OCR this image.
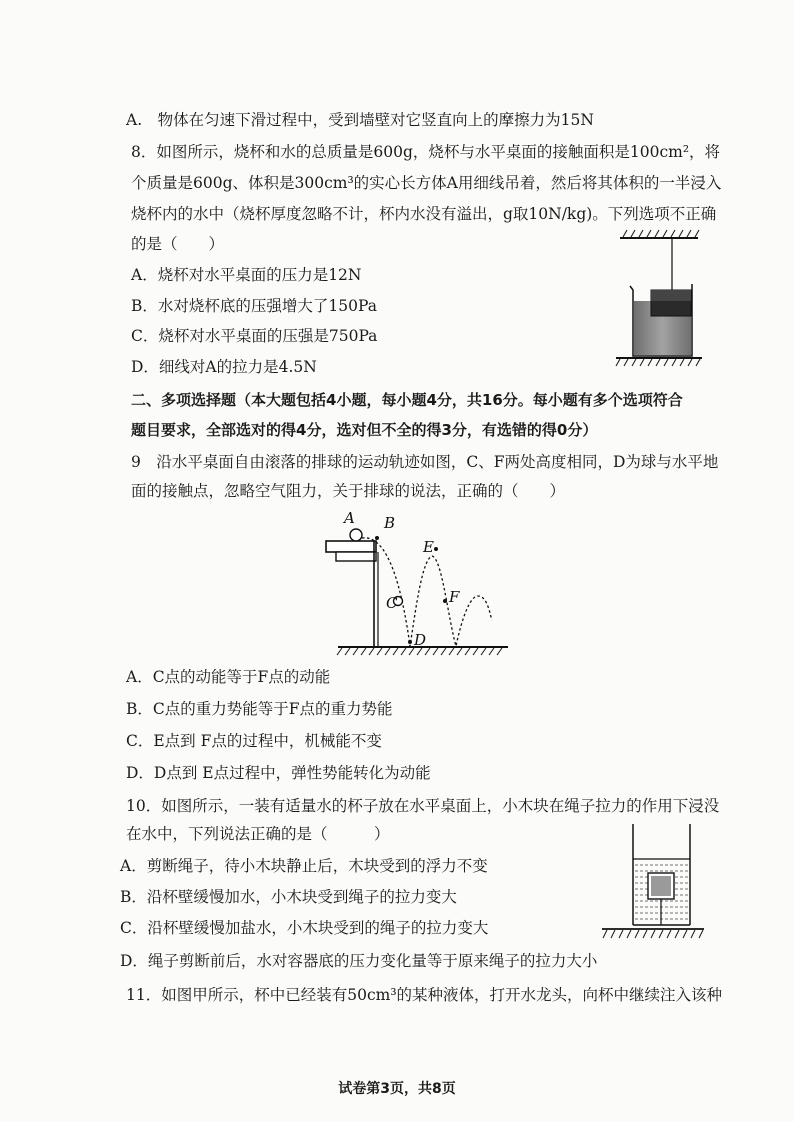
A.　物体在匀速下滑过程中，受到墙壁对它竖直向上的摩擦力为15N
8．如图所示，烧杯和水的总质量是600g，烧杯与水平桌面的接触面积是100cm²，将
个质量是600g、体积是300cm³的实心长方体A用细线吊着，然后将其体积的一半浸入
烧杯内的水中（烧杯厚度忽略不计，杯内水没有溢出，g取10N/kg)。下列选项不正确
的是（　　）
A．烧杯对水平桌面的压力是12N
B．水对烧杯底的压强增大了150Pa
C．烧杯对水平桌面的压强是750Pa
D．细线对A的拉力是4.5N
二、多项选择题（本大题包括4小题，每小题4分，共16分。每小题有多个选项符合
题目要求，全部选对的得4分，选对但不全的得3分，有选错的得0分）
9　沿水平桌面自由滚落的排球的运动轨迹如图，C、F两处高度相同，D为球与水平地
面的接触点，忽略空气阻力，关于排球的说法，正确的（　　）
A．C点的动能等于F点的动能
B．C点的重力势能等于F点的重力势能
C．E点到 F点的过程中，机械能不变
D．D点到 E点过程中，弹性势能转化为动能
10．如图所示，一装有适量水的杯子放在水平桌面上，小木块在绳子拉力的作用下浸没
在水中，下列说法正确的是（　　　）
A．剪断绳子，待小木块静止后，木块受到的浮力不变
B．沿杯壁缓慢加水，小木块受到绳子的拉力变大
C．沿杯壁缓慢加盐水，小木块受到的绳子的拉力变大
D．绳子剪断前后，水对容器底的压力变化量等于原来绳子的拉力大小
11．如图甲所示，杯中已经装有50cm³的某种液体，打开水龙头，向杯中继续注入该种
A B
E
C	F
D
试卷第3页，共8页
